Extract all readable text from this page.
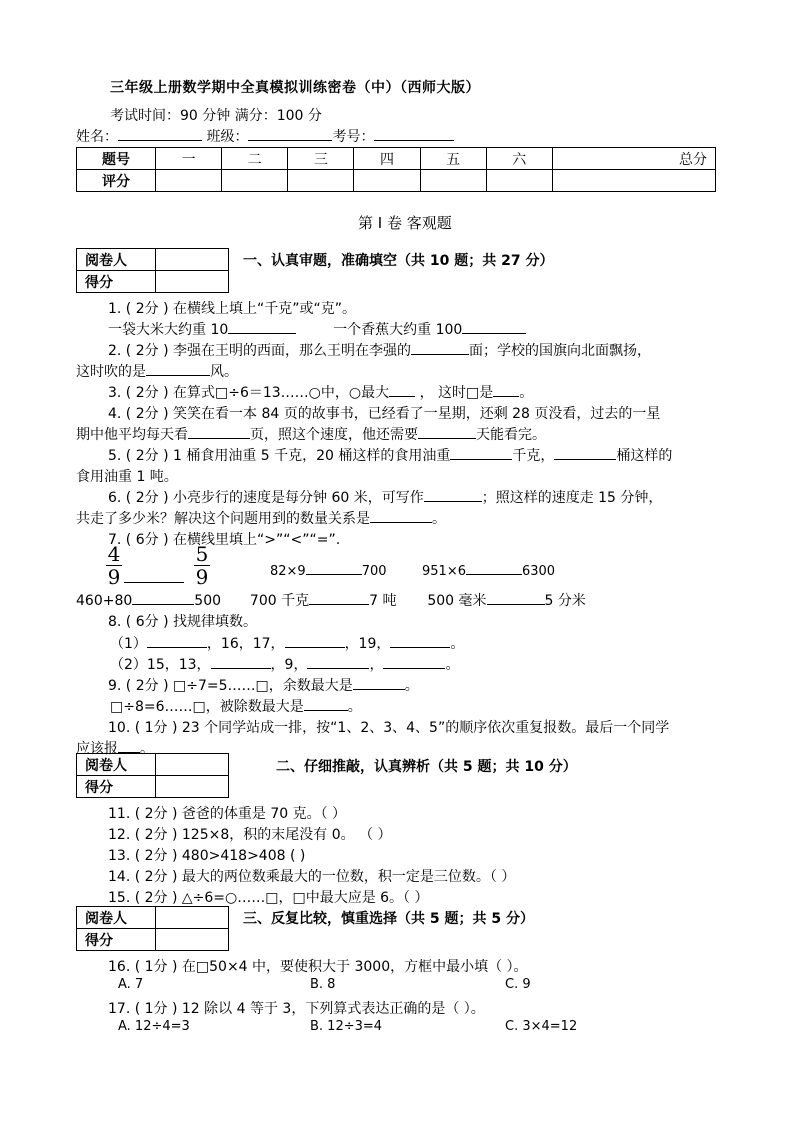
三年级上册数学期中全真模拟训练密卷（中）（西师大版）
考试时间：90 分钟 满分：100 分
姓名：	班级：	考号：
题号	一	二	三	四	五	六	总分
评分							
第 I 卷 客观题
阅卷人	
得分	
一、认真审题，准确填空（共 10 题；共 27 分）
1. ( 2分 ) 在横线上填上“千克”或“克”。
一袋大米大约重 10	一个香蕉大约重 100
2. ( 2分 ) 李强在王明的西面，那么王明在李强的	面；学校的国旗向北面飘扬，
这时吹的是	风。
3. ( 2分 ) 在算式□÷6＝13……○中，○最大 ， 这时□是 。
4. ( 2分 ) 笑笑在看一本 84 页的故事书，已经看了一星期，还剩 28 页没看，过去的一星
期中他平均每天看	页，照这个速度，他还需要	天能看完。
5. ( 2分 ) 1 桶食用油重 5 千克，20 桶这样的食用油重	千克，	桶这样的
食用油重 1 吨。
6. ( 2分 ) 小亮步行的速度是每分钟 60 米，可写作	；照这样的速度走 15 分钟，
共走了多少米？解决这个问题用到的数量关系是	。
7. ( 6分 ) 在横线里填上“>”“<”“=”.
4
9
5
9	82×9	700	951×6	6300
460+80	500 700 千克	7 吨 500 毫米	5 分米
8. ( 6分 ) 找规律填数。
（1）	，16，17，	，19，	。
（2）15，13，	，9，	，	。
9. ( 2分 ) □÷7=5……□，余数最大是	。
□÷8=6……□，被除数最大是	。
10. ( 1分 ) 23 个同学站成一排，按“1、2、3、4、5”的顺序依次重复报数。最后一个同学
应该报 。
阅卷人	
得分	
二、仔细推敲，认真辨析（共 5 题；共 10 分）
11. ( 2分 ) 爸爸的体重是 70 克。（ ）
12. ( 2分 ) 125×8，积的末尾没有 0。 （ ）
13. ( 2分 ) 480>418>408 ( )
14. ( 2分 ) 最大的两位数乘最大的一位数，积一定是三位数。（ ）
15. ( 2分 ) △÷6=○……□，□中最大应是 6。（ ）
阅卷人	
得分	
三、反复比较，慎重选择（共 5 题；共 5 分）
16. ( 1分 ) 在□50×4 中，要使积大于 3000，方框中最小填（ ）。
A. 7	B. 8	C. 9
17. ( 1分 ) 12 除以 4 等于 3，下列算式表达正确的是（ ）。
A. 12÷4=3	B. 12÷3=4	C. 3×4=12
